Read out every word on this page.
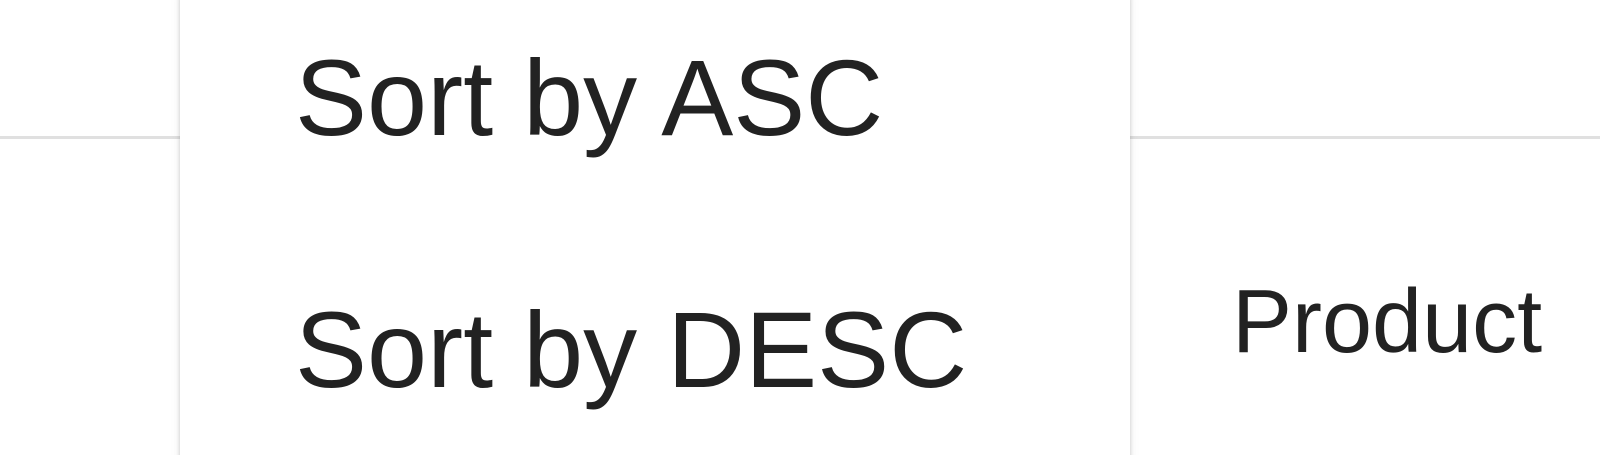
Product
Sort by ASC
Sort by DESC
